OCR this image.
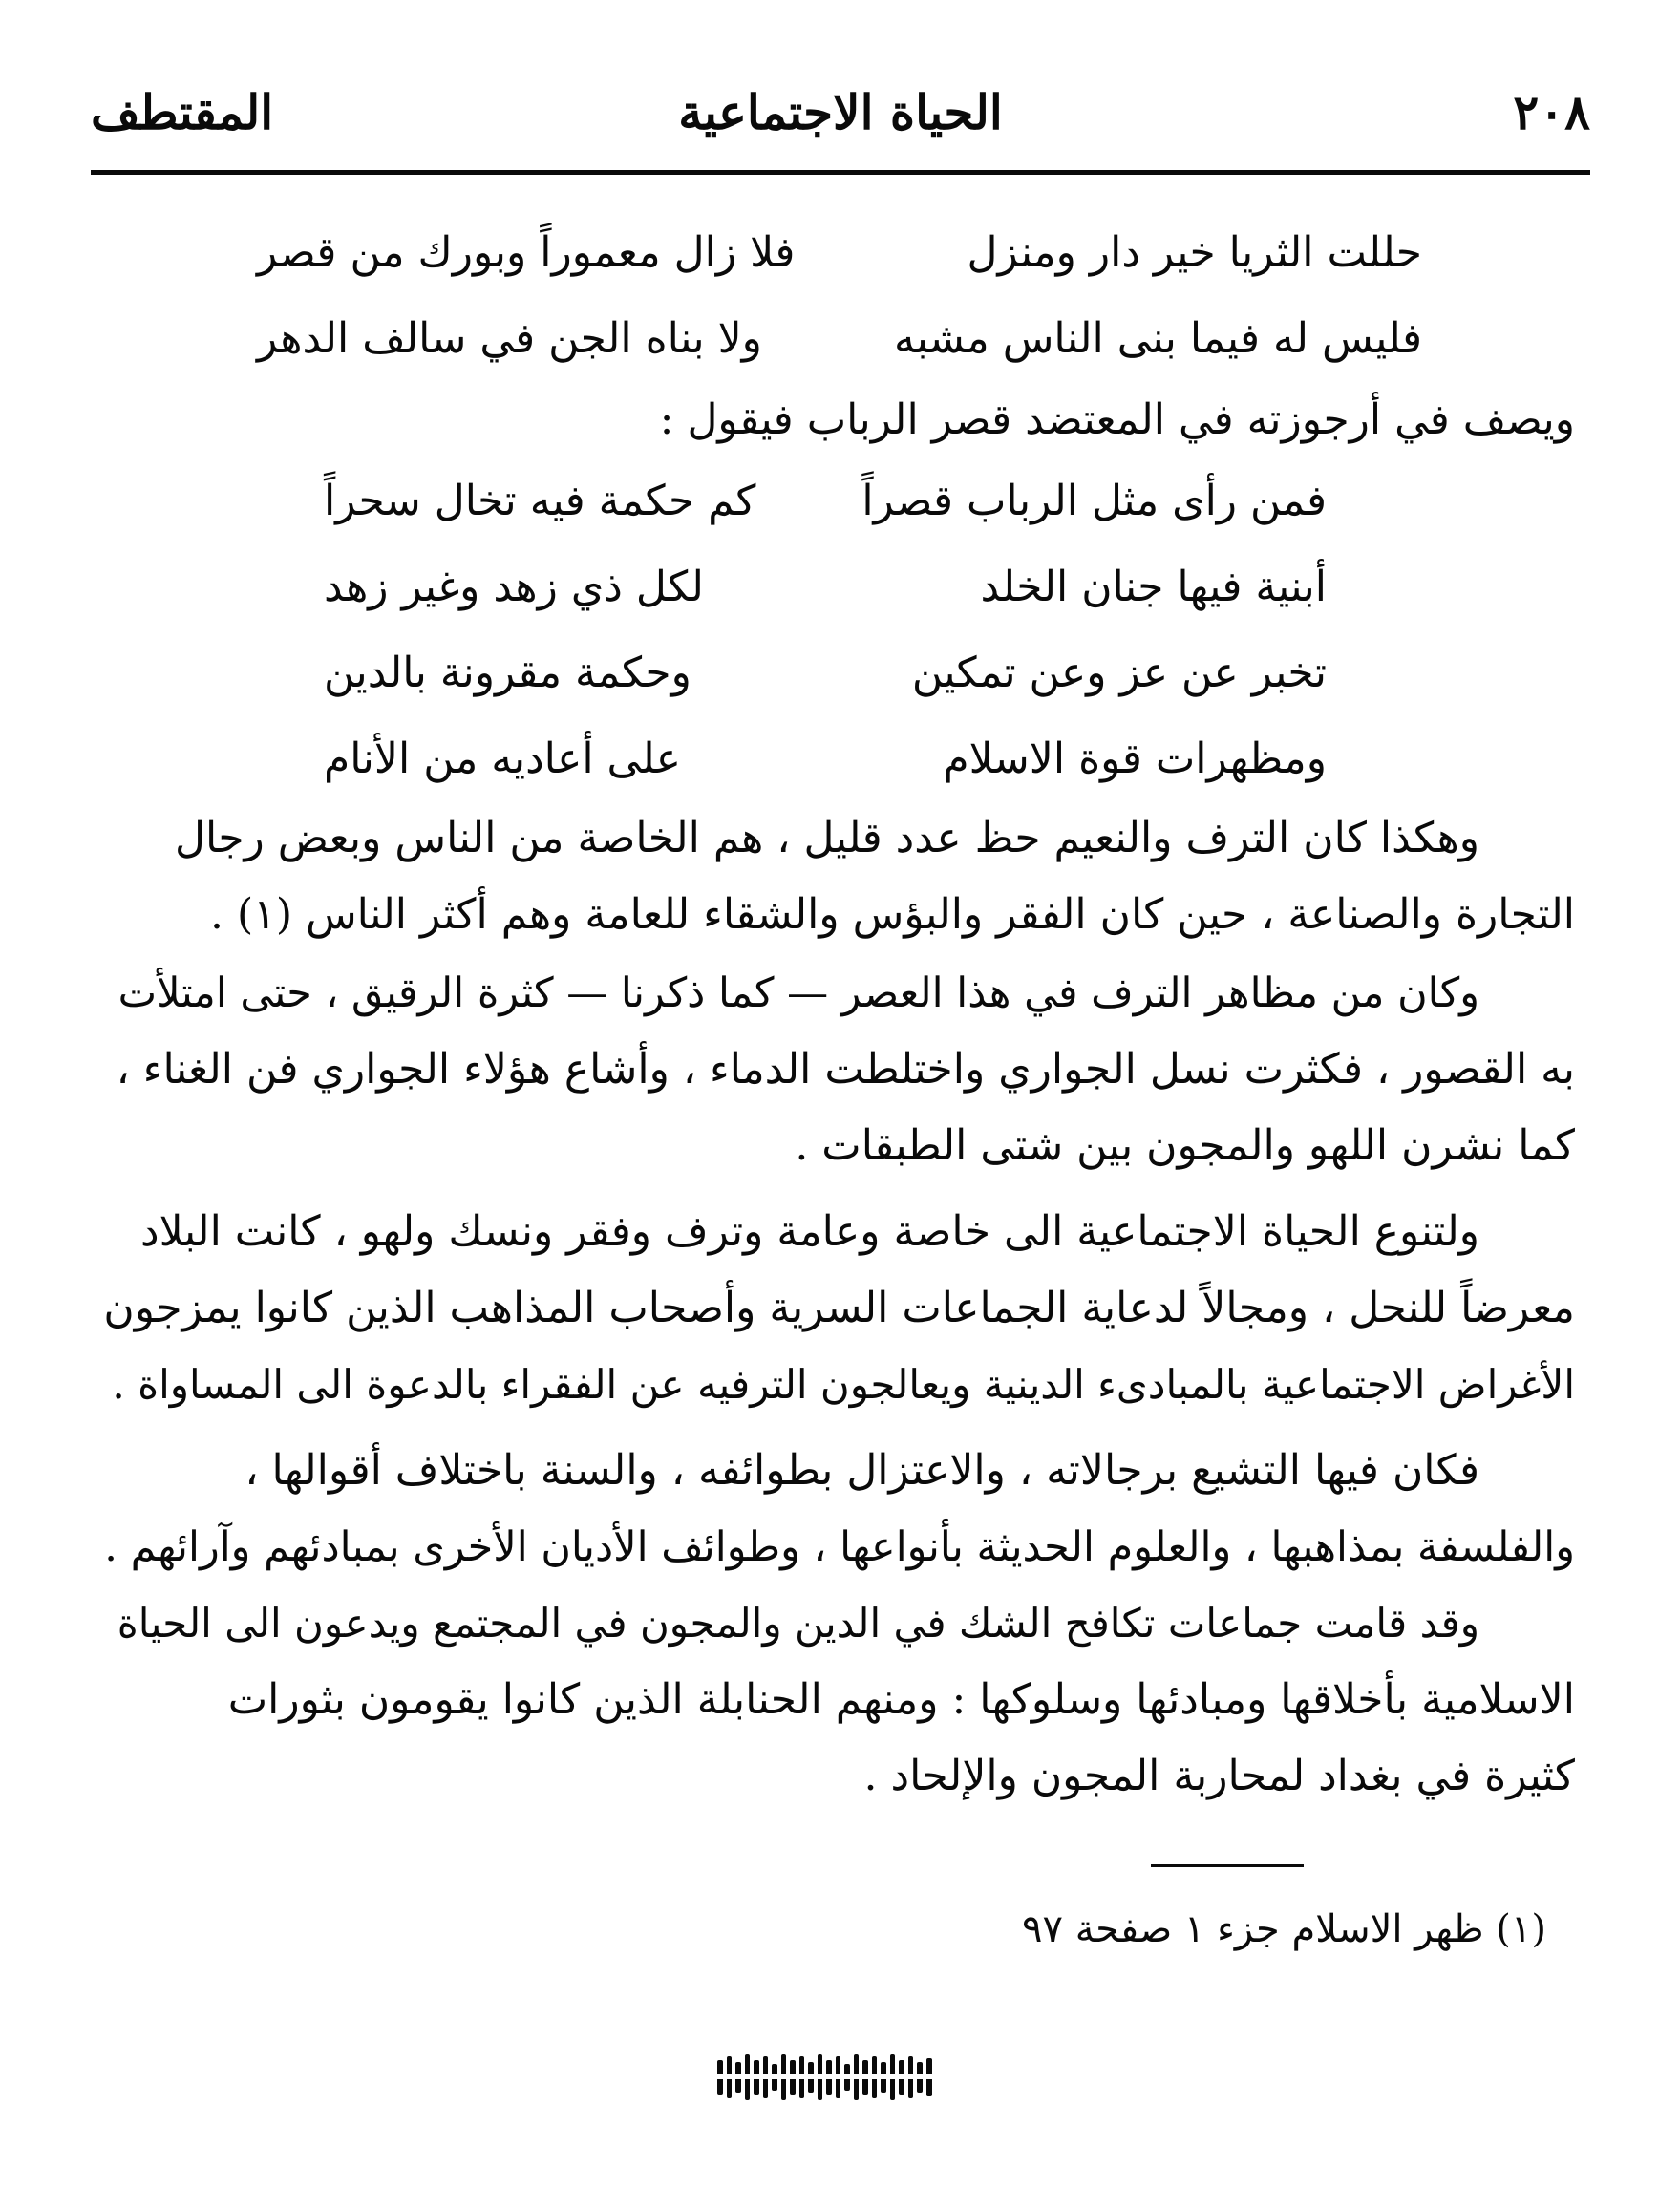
٢٠٨
الحياة الاجتماعية
المقتطف
حللت الثريا خير دار ومنزل
فلا زال معموراً وبورك من قصر
فليس له فيما بنى الناس مشبه
ولا بناه الجن في سالف الدهر
ويصف في أرجوزته في المعتضد قصر الرباب فيقول :
فمن رأى مثل الرباب قصراً
كم حكمة فيه تخال سحراً
أبنية فيها جنان الخلد
لكل ذي زهد وغير زهد
تخبر عن عز وعن تمكين
وحكمة مقرونة بالدين
ومظهرات قوة الاسلام
على أعاديه من الأنام
وهكذا كان الترف والنعيم حظ عدد قليل ، هم الخاصة من الناس وبعض رجال
التجارة والصناعة ، حين كان الفقر والبؤس والشقاء للعامة وهم أكثر الناس (١) .
وكان من مظاهر الترف في هذا العصر — كما ذكرنا — كثرة الرقيق ، حتى امتلأت
به القصور ، فكثرت نسل الجواري واختلطت الدماء ، وأشاع هؤلاء الجواري فن الغناء ،
كما نشرن اللهو والمجون بين شتى الطبقات .
ولتنوع الحياة الاجتماعية الى خاصة وعامة وترف وفقر ونسك ولهو ، كانت البلاد
معرضاً للنحل ، ومجالاً لدعاية الجماعات السرية وأصحاب المذاهب الذين كانوا يمزجون
الأغراض الاجتماعية بالمبادىء الدينية ويعالجون الترفيه عن الفقراء بالدعوة الى المساواة .
فكان فيها التشيع برجالاته ، والاعتزال بطوائفه ، والسنة باختلاف أقوالها ،
والفلسفة بمذاهبها ، والعلوم الحديثة بأنواعها ، وطوائف الأديان الأخرى بمبادئهم وآرائهم .
وقد قامت جماعات تكافح الشك في الدين والمجون في المجتمع ويدعون الى الحياة
الاسلامية بأخلاقها ومبادئها وسلوكها : ومنهم الحنابلة الذين كانوا يقومون بثورات
كثيرة في بغداد لمحاربة المجون والإلحاد .
(١) ظهر الاسلام جزء ١ صفحة ٩٧
